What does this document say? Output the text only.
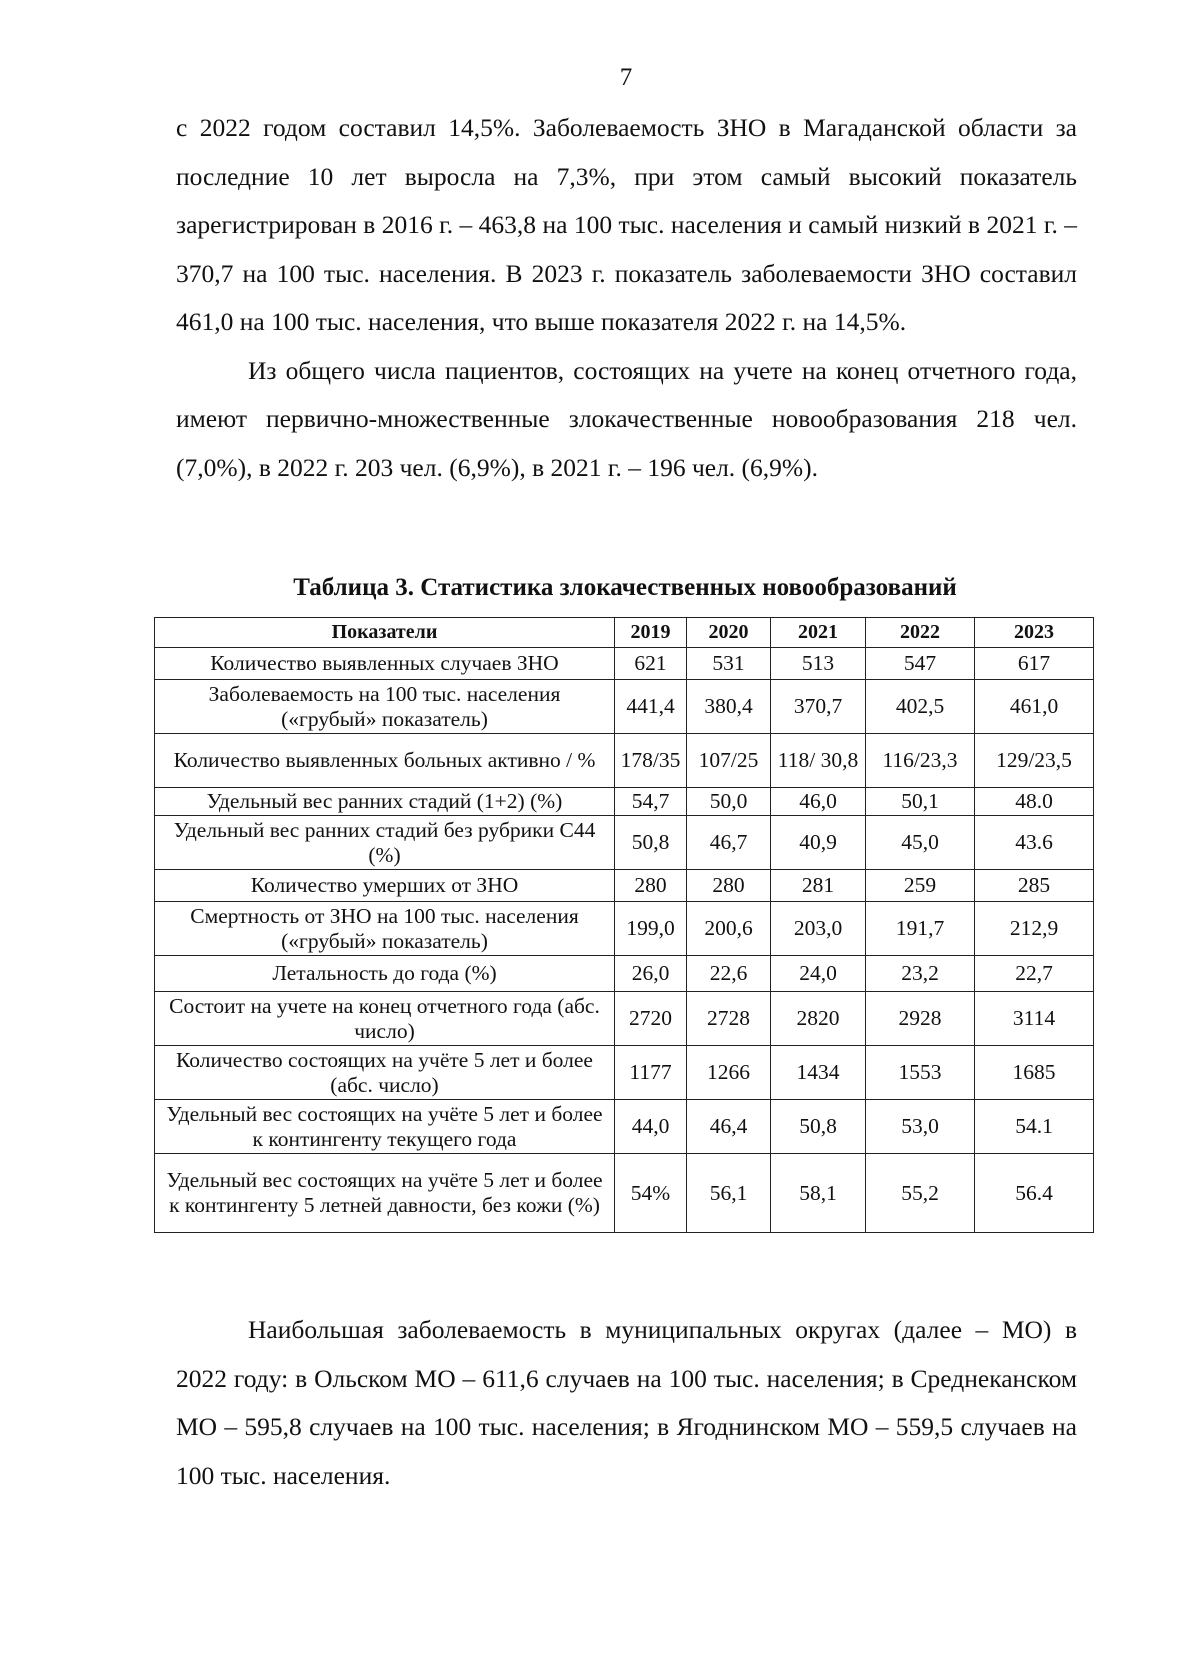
7

с 2022 годом составил 14,5%. Заболеваемость ЗНО в Магаданской области за последние 10 лет выросла на 7,3%, при этом самый высокий показатель зарегистрирован в 2016 г. – 463,8 на 100 тыс. населения и самый низкий в 2021 г. – 370,7 на 100 тыс. населения. В 2023 г. показатель заболеваемости ЗНО составил 461,0 на 100 тыс. населения, что выше показателя 2022 г. на 14,5%.

Из общего числа пациентов, состоящих на учете на конец отчетного года, имеют первично-множественные злокачественные новообразования 218 чел. (7,0%), в 2022 г. 203 чел. (6,9%), в 2021 г. – 196 чел. (6,9%).

Таблица 3. Статистика злокачественных новообразований
Показатели	2019	2020	2021	2022	2023
Количество выявленных случаев ЗНО	621	531	513	547	617
Заболеваемость на 100 тыс. населения («грубый» показатель)	441,4	380,4	370,7	402,5	461,0
Количество выявленных больных активно / %	178/35	107/25	118/ 30,8	116/23,3	129/23,5
Удельный вес ранних стадий (1+2) (%)	54,7	50,0	46,0	50,1	48.0
Удельный вес ранних стадий без рубрики С44 (%)	50,8	46,7	40,9	45,0	43.6
Количество умерших от ЗНО	280	280	281	259	285
Смертность от ЗНО на 100 тыс. населения («грубый» показатель)	199,0	200,6	203,0	191,7	212,9
Летальность до года (%)	26,0	22,6	24,0	23,2	22,7
Состоит на учете на конец отчетного года (абс. число)	2720	2728	2820	2928	3114
Количество состоящих на учёте 5 лет и более (абс. число)	1177	1266	1434	1553	1685
Удельный вес состоящих на учёте 5 лет и более к контингенту текущего года	44,0	46,4	50,8	53,0	54.1
Удельный вес состоящих на учёте 5 лет и более к контингенту 5 летней давности, без кожи (%)	54%	56,1	58,1	55,2	56.4

Наибольшая заболеваемость в муниципальных округах (далее – МО) в 2022 году: в Ольском МО – 611,6 случаев на 100 тыс. населения; в Среднеканском МО – 595,8 случаев на 100 тыс. населения; в Ягоднинском МО – 559,5 случаев на 100 тыс. населения.
